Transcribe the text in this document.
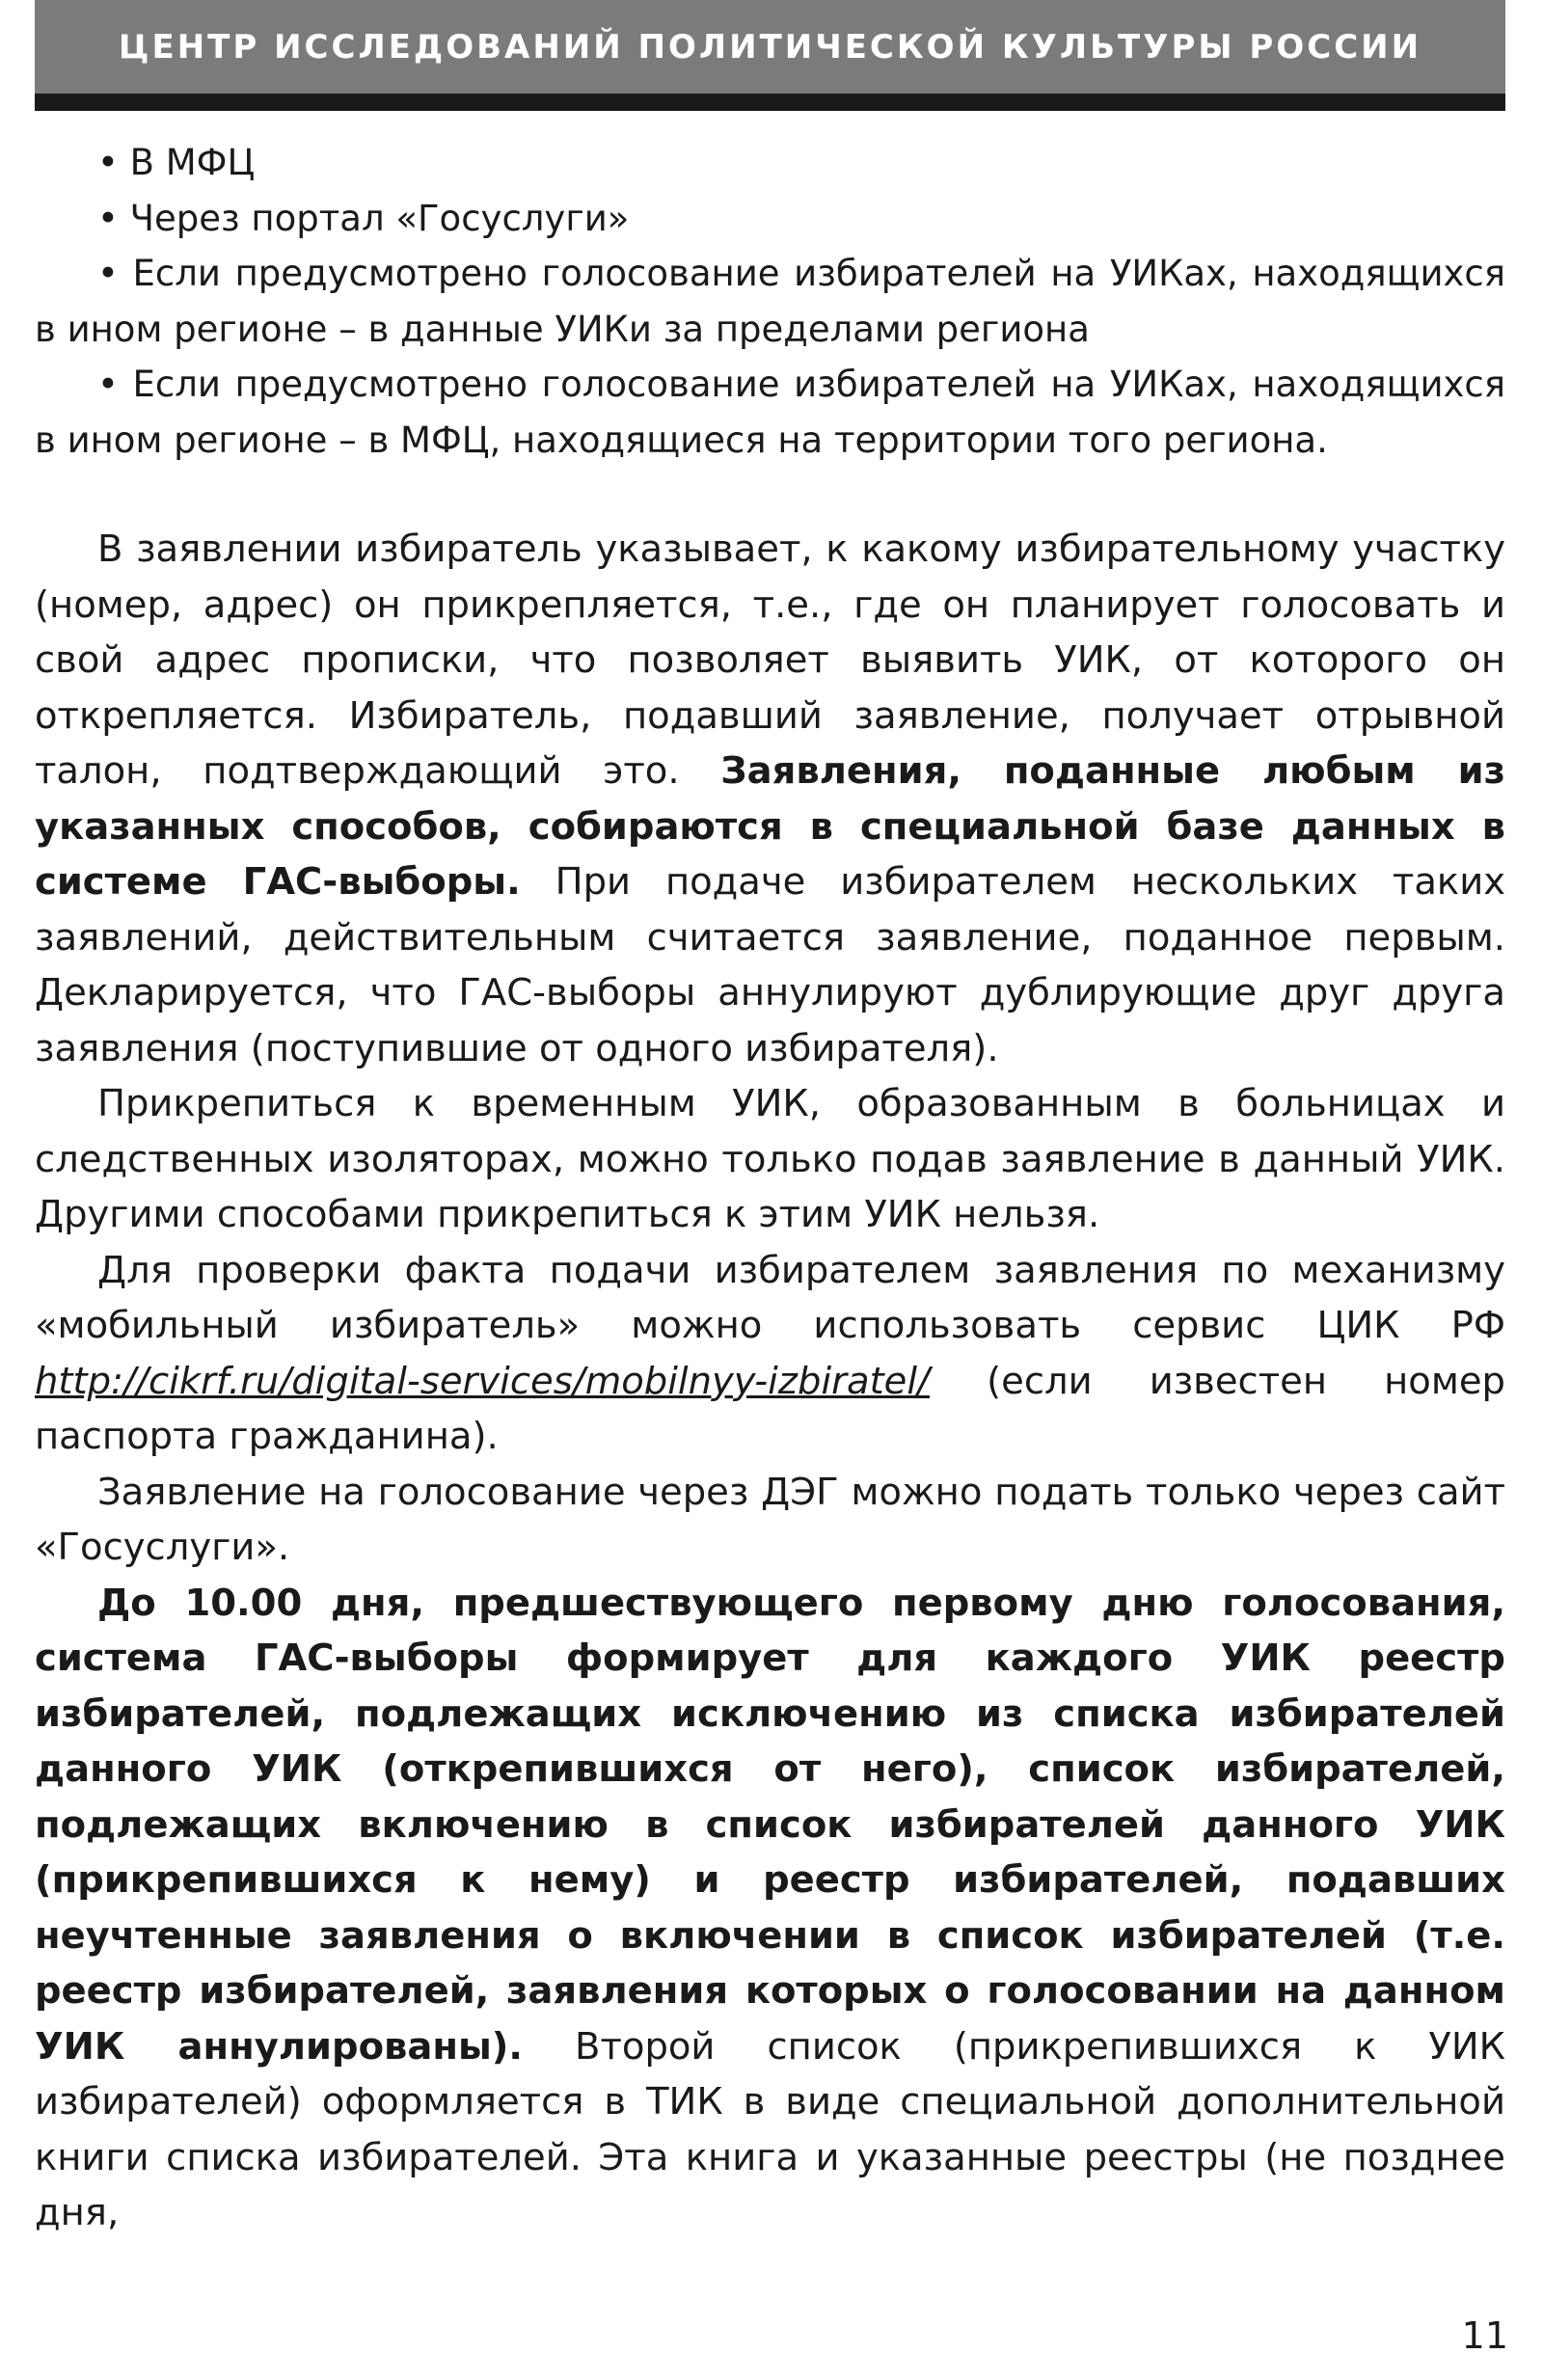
ЦЕНТР ИССЛЕДОВАНИЙ ПОЛИТИЧЕСКОЙ КУЛЬТУРЫ РОССИИ

• В МФЦ

• Через портал «Госуслуги»

• Если предусмотрено голосование избирателей на УИКах, находящихся в ином регионе – в данные УИКи за пределами региона

• Если предусмотрено голосование избирателей на УИКах, находящихся в ином регионе – в МФЦ, находящиеся на территории того региона.

В заявлении избиратель указывает, к какому избирательному участку (номер, адрес) он прикрепляется, т.е., где он планирует голосовать и свой адрес прописки, что позволяет выявить УИК, от которого он открепляется. Избиратель, подавший заявление, получает отрывной талон, подтверждающий это. Заявления, поданные любым из указанных способов, собираются в специальной базе данных в системе ГАС-выборы. При подаче избирателем нескольких таких заявлений, действительным считается заявление, поданное первым. Декларируется, что ГАС-выборы аннулируют дублирующие друг друга заявления (поступившие от одного избирателя).

Прикрепиться к временным УИК, образованным в больницах и следственных изоляторах, можно только подав заявление в данный УИК. Другими способами прикрепиться к этим УИК нельзя.

Для проверки факта подачи избирателем заявления по механизму «мобильный избиратель» можно использовать сервис ЦИК РФ http://cikrf.ru/digital-services/mobilnyy-izbiratel/ (если известен номер паспорта гражданина).

Заявление на голосование через ДЭГ можно подать только через сайт «Госуслуги».

До 10.00 дня, предшествующего первому дню голосования, система ГАС-выборы формирует для каждого УИК реестр избирателей, подлежащих исключению из списка избирателей данного УИК (открепившихся от него), список избирателей, подлежащих включению в список избирателей данного УИК (прикрепившихся к нему) и реестр избирателей, подавших неучтенные заявления о включении в список избирателей (т.е. реестр избирателей, заявления которых о голосовании на данном УИК аннулированы). Второй список (прикрепившихся к УИК избирателей) оформляется в ТИК в виде специальной дополнительной книги списка избирателей. Эта книга и указанные реестры (не позднее дня,

11
